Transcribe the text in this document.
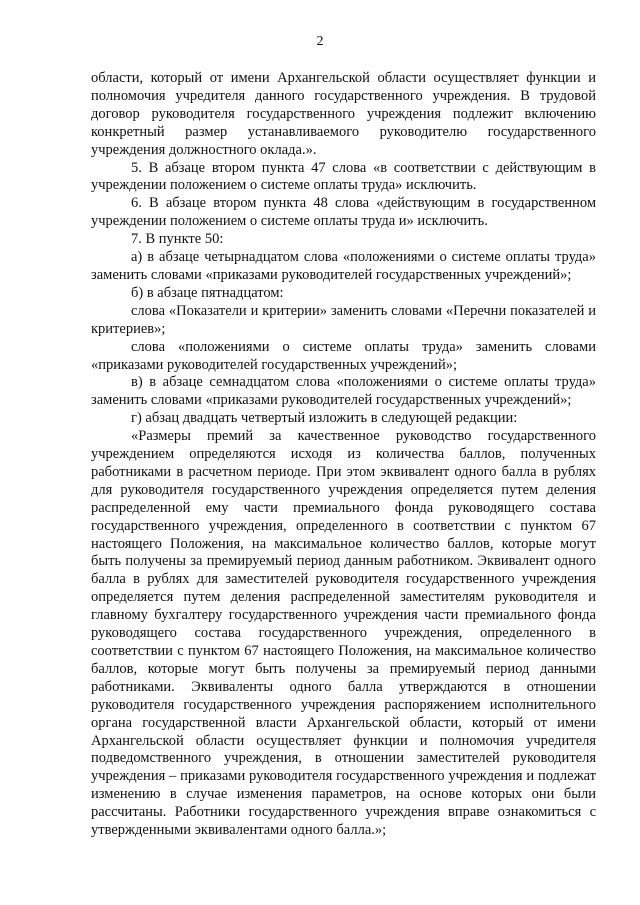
2

области, который от имени Архангельской области осуществляет функции и полномочия учредителя данного государственного учреждения. В трудовой договор руководителя государственного учреждения подлежит включению конкретный размер устанавливаемого руководителю государственного учреждения должностного оклада.».

5. В абзаце втором пункта 47 слова «в соответствии с действующим в учреждении положением о системе оплаты труда» исключить.

6. В абзаце втором пункта 48 слова «действующим в государственном учреждении положением о системе оплаты труда и» исключить.

7. В пункте 50:

а) в абзаце четырнадцатом слова «положениями о системе оплаты труда» заменить словами «приказами руководителей государственных учреждений»;

б) в абзаце пятнадцатом:

слова «Показатели и критерии» заменить словами «Перечни показателей и критериев»;

слова «положениями о системе оплаты труда» заменить словами «приказами руководителей государственных учреждений»;

в) в абзаце семнадцатом слова «положениями о системе оплаты труда» заменить словами «приказами руководителей государственных учреждений»;

г) абзац двадцать четвертый изложить в следующей редакции:

«Размеры премий за качественное руководство государственного учреждением определяются исходя из количества баллов, полученных работниками в расчетном периоде. При этом эквивалент одного балла в рублях для руководителя государственного учреждения определяется путем деления распределенной ему части премиального фонда руководящего состава государственного учреждения, определенного в соответствии с пунктом 67 настоящего Положения, на максимальное количество баллов, которые могут быть получены за премируемый период данным работником. Эквивалент одного балла в рублях для заместителей руководителя государственного учреждения определяется путем деления распределенной заместителям руководителя и главному бухгалтеру государственного учреждения части премиального фонда руководящего состава государственного учреждения, определенного в соответствии с пунктом 67 настоящего Положения, на максимальное количество баллов, которые могут быть получены за премируемый период данными работниками. Эквиваленты одного балла утверждаются в отношении руководителя государственного учреждения распоряжением исполнительного органа государственной власти Архангельской области, который от имени Архангельской области осуществляет функции и полномочия учредителя подведомственного учреждения, в отношении заместителей руководителя учреждения – приказами руководителя государственного учреждения и подлежат изменению в случае изменения параметров, на основе которых они были рассчитаны. Работники государственного учреждения вправе ознакомиться с утвержденными эквивалентами одного балла.»;
